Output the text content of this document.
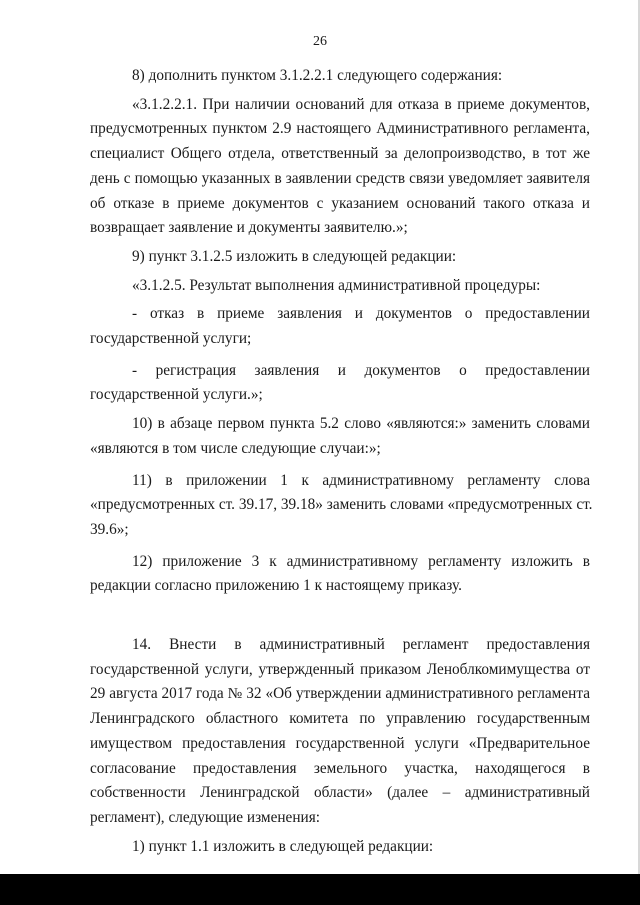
26
8) дополнить пунктом 3.1.2.2.1 следующего содержания:
«3.1.2.2.1. При наличии оснований для отказа в приеме документов,
предусмотренных пунктом 2.9 настоящего Административного регламента,
специалист Общего отдела, ответственный за делопроизводство, в тот же
день с помощью указанных в заявлении средств связи уведомляет заявителя
об отказе в приеме документов с указанием оснований такого отказа и
возвращает заявление и документы заявителю.»;
9) пункт 3.1.2.5 изложить в следующей редакции:
«3.1.2.5. Результат выполнения административной процедуры:
- отказ в приеме заявления и документов о предоставлении
государственной услуги;
- регистрация заявления и документов о предоставлении
государственной услуги.»;
10) в абзаце первом пункта 5.2 слово «являются:» заменить словами
«являются в том числе следующие случаи:»;
11) в приложении 1 к административному регламенту слова
«предусмотренных ст. 39.17, 39.18» заменить словами «предусмотренных ст.
39.6»;
12) приложение 3 к административному регламенту изложить в
редакции согласно приложению 1 к настоящему приказу.
14. Внести в административный регламент предоставления
государственной услуги, утвержденный приказом Леноблкомимущества от
29 августа 2017 года № 32 «Об утверждении административного регламента
Ленинградского областного комитета по управлению государственным
имуществом предоставления государственной услуги «Предварительное
согласование предоставления земельного участка, находящегося в
собственности Ленинградской области» (далее – административный
регламент), следующие изменения:
1) пункт 1.1 изложить в следующей редакции:
